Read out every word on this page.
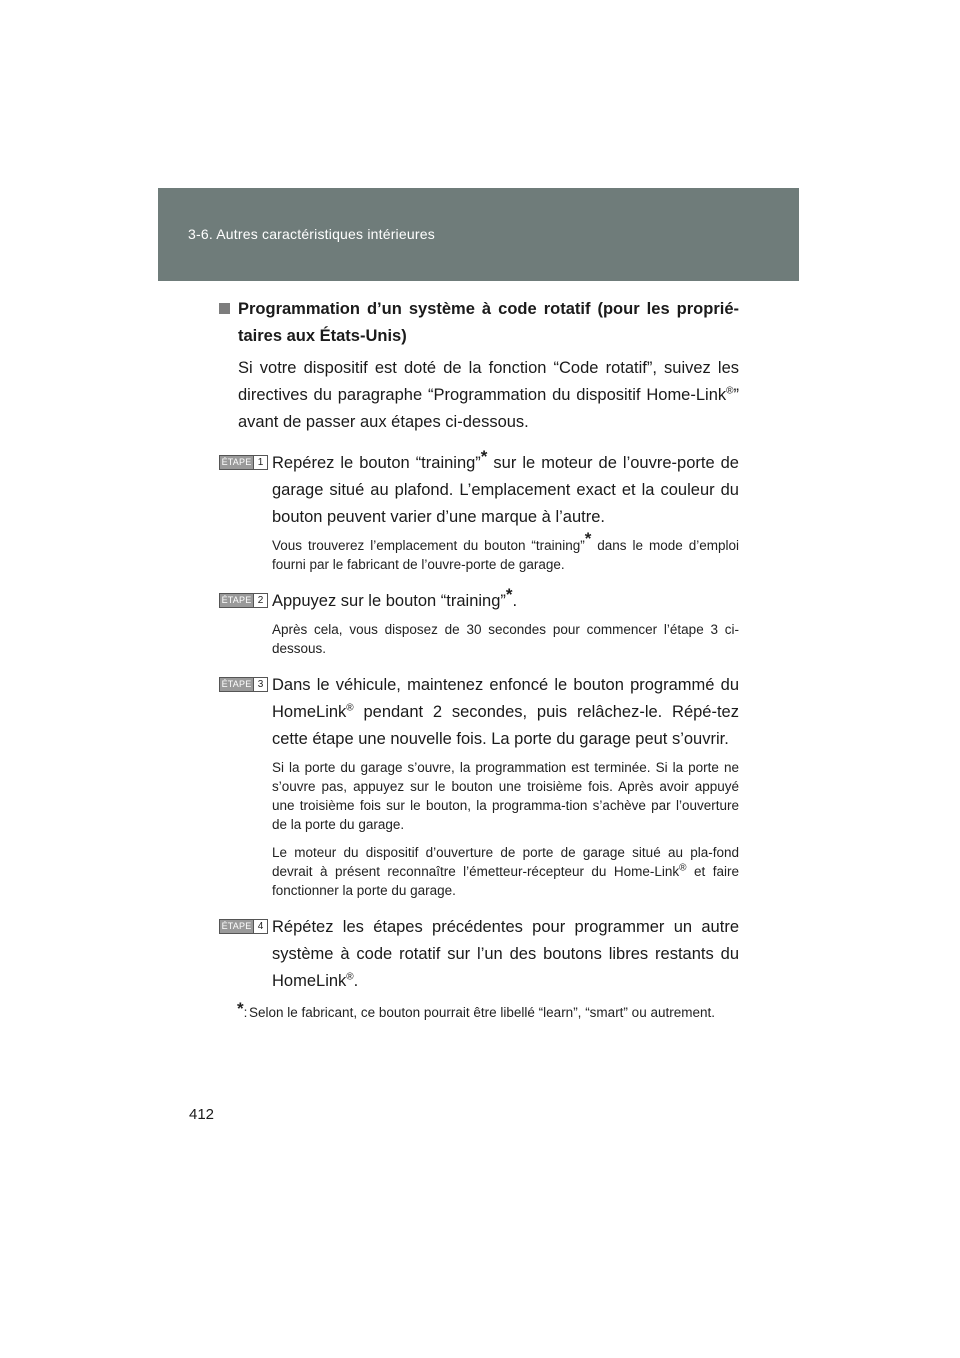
3-6. Autres caractéristiques intérieures
Programmation d’un système à code rotatif (pour les proprié-taires aux États-Unis)
Si votre dispositif est doté de la fonction “Code rotatif”, suivez les directives du paragraphe “Programmation du dispositif Home-Link®” avant de passer aux étapes ci-dessous.
ÉTAPE 1 Repérez le bouton “training”* sur le moteur de l’ouvre-porte de garage situé au plafond. L’emplacement exact et la couleur du bouton peuvent varier d’une marque à l’autre.
Vous trouverez l’emplacement du bouton “training”* dans le mode d’emploi fourni par le fabricant de l’ouvre-porte de garage.
ÉTAPE 2 Appuyez sur le bouton “training”*.
Après cela, vous disposez de 30 secondes pour commencer l’étape 3 ci-dessous.
ÉTAPE 3 Dans le véhicule, maintenez enfoncé le bouton programmé du HomeLink® pendant 2 secondes, puis relâchez-le. Répé-tez cette étape une nouvelle fois. La porte du garage peut s’ouvrir.
Si la porte du garage s’ouvre, la programmation est terminée. Si la porte ne s’ouvre pas, appuyez sur le bouton une troisième fois. Après avoir appuyé une troisième fois sur le bouton, la programma-tion s’achève par l’ouverture de la porte du garage.
Le moteur du dispositif d’ouverture de porte de garage situé au pla-fond devrait à présent reconnaître l’émetteur-récepteur du Home-Link® et faire fonctionner la porte du garage.
ÉTAPE 4 Répétez les étapes précédentes pour programmer un autre système à code rotatif sur l’un des boutons libres restants du HomeLink®.
*: Selon le fabricant, ce bouton pourrait être libellé “learn”, “smart” ou autrement.
412
